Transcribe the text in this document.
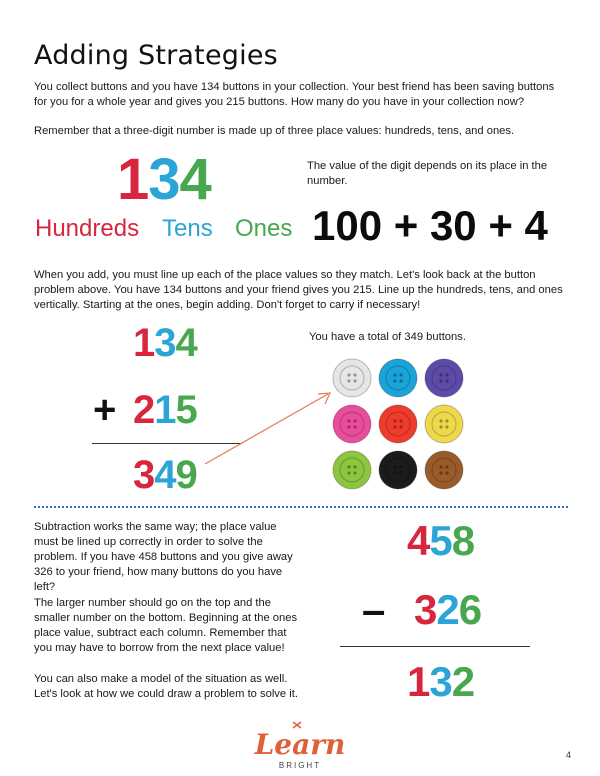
Adding Strategies
You collect buttons and you have 134 buttons in your collection. Your best friend has been saving buttons for you for a whole year and gives you 215 buttons. How many do you have in your collection now?
Remember that a three-digit number is made up of three place values: hundreds, tens, and ones.
134	The value of the digit depends on its place in the number.
Hundreds Tens Ones 100 + 30 + 4
When you add, you must line up each of the place values so they match. Let's look back at the button problem above. You have 134 buttons and your friend gives you 215. Line up the hundreds, tens, and ones vertically. Starting at the ones, begin adding. Don't forget to carry if necessary!
134
+ 215
349
You have a total of 349 buttons.
Subtraction works the same way; the place value must be lined up correctly in order to solve the problem. If you have 458 buttons and you give away 326 to your friend, how many buttons do you have left?
The larger number should go on the top and the smaller number on the bottom. Beginning at the ones place value, subtract each column. Remember that you may have to borrow from the next place value!
You can also make a model of the situation as well. Let's look at how we could draw a problem to solve it.
458
– 326
132
Learn
BRIGHT
4
